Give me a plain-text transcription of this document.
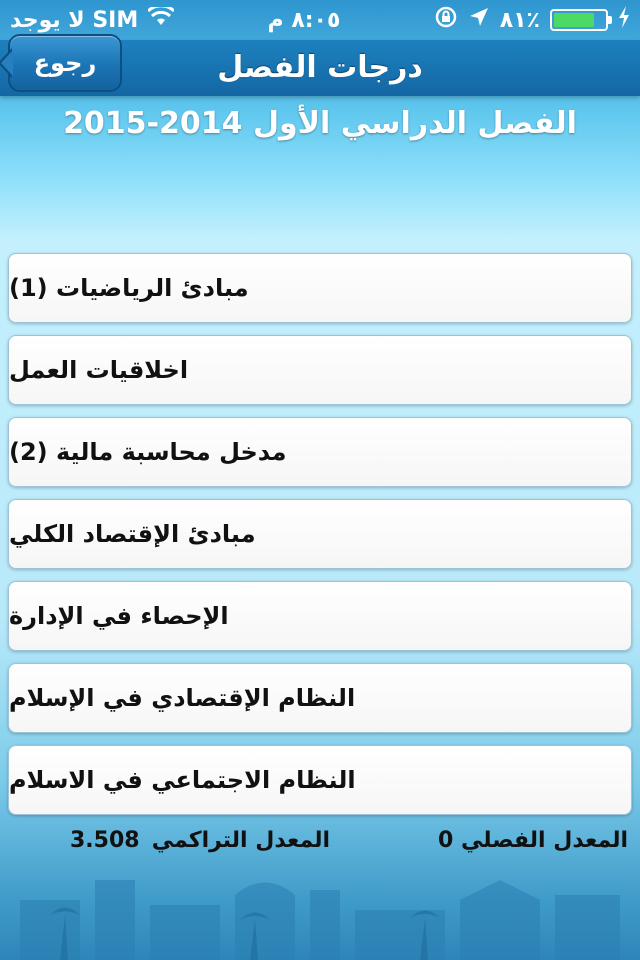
لا يوجد SIM	٨:٠٥ م	٨١٪
درجات الفصل
رجوع
الفصل الدراسي الأول 2014-2015
مبادئ الرياضيات (1)
اخلاقيات العمل
مدخل محاسبة مالية (2)
مبادئ الإقتصاد الكلي
الإحصاء في الإدارة
النظام الإقتصادي في الإسلام
النظام الاجتماعي في الاسلام
المعدل الفصلي 0
المعدل التراكمي
3.508
